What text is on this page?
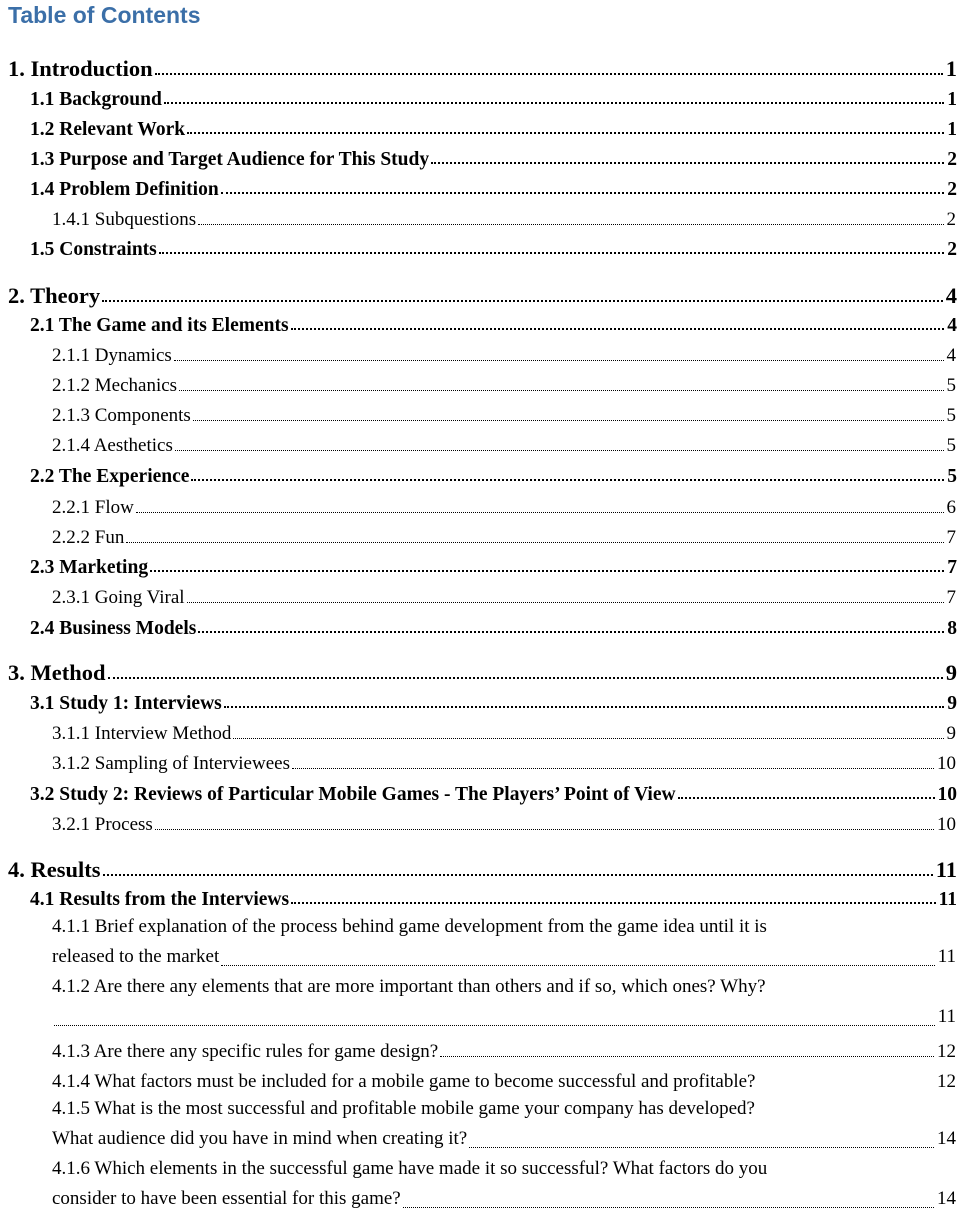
Table of Contents
1. Introduction	1
1.1 Background	1
1.2 Relevant Work	1
1.3 Purpose and Target Audience for This Study	2
1.4 Problem Definition	2
1.4.1 Subquestions	2
1.5 Constraints	2
2. Theory	4
2.1 The Game and its Elements	4
2.1.1 Dynamics	4
2.1.2 Mechanics	5
2.1.3 Components	5
2.1.4 Aesthetics	5
2.2 The Experience	5
2.2.1 Flow	6
2.2.2 Fun	7
2.3 Marketing	7
2.3.1 Going Viral	7
2.4 Business Models	8
3. Method	9
3.1 Study 1: Interviews	9
3.1.1 Interview Method	9
3.1.2 Sampling of Interviewees	10
3.2 Study 2: Reviews of Particular Mobile Games - The Players’ Point of View	10
3.2.1 Process	10
4. Results	11
4.1 Results from the Interviews	11
4.1.1 Brief explanation of the process behind game development from the game idea until it is
released to the market	11
4.1.2 Are there any elements that are more important than others and if so, which ones? Why?
11
4.1.3 Are there any specific rules for game design?	12
4.1.4 What factors must be included for a mobile game to become successful and profitable?	12
4.1.5 What is the most successful and profitable mobile game your company has developed?
What audience did you have in mind when creating it?	14
4.1.6 Which elements in the successful game have made it so successful? What factors do you
consider to have been essential for this game?	14
